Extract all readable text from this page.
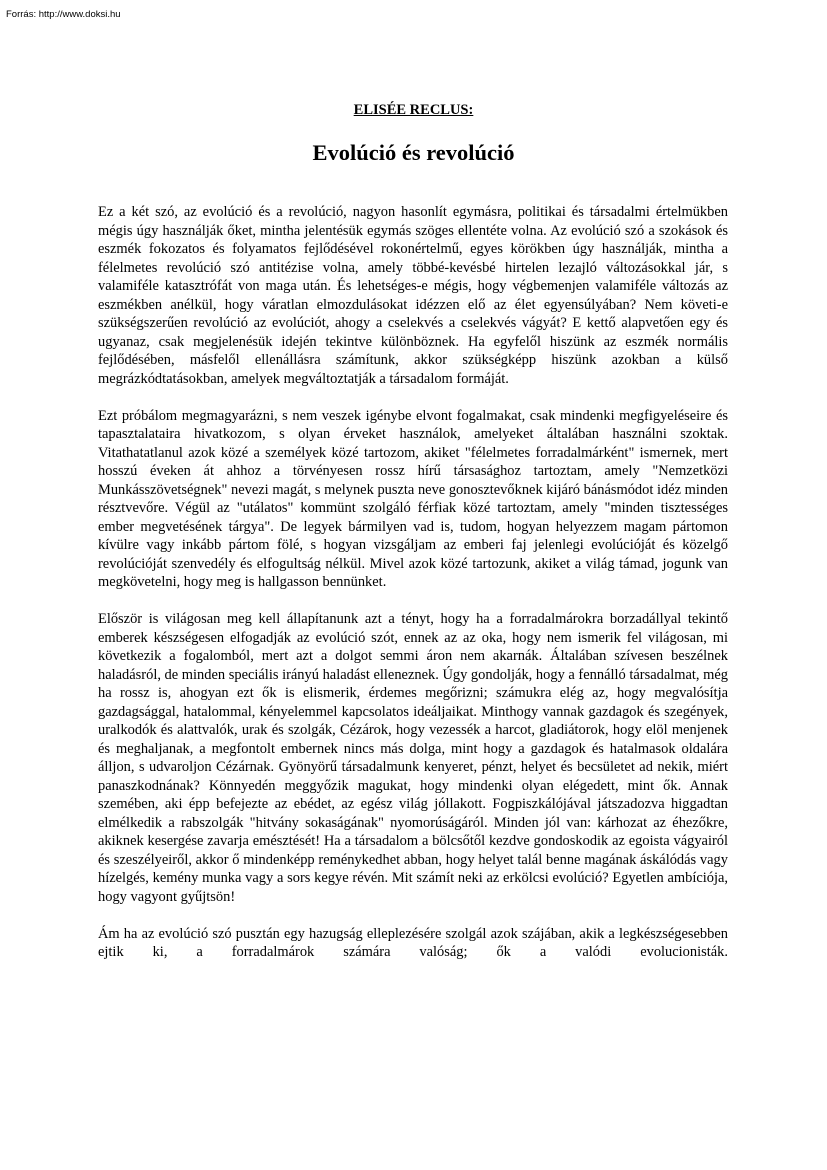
Forrás: http://www.doksi.hu
ELISÉE RECLUS:
Evolúció és revolúció

Ez a két szó, az evolúció és a revolúció, nagyon hasonlít egymásra, politikai és társadalmi értelmükben mégis úgy használják őket, mintha jelentésük egymás szöges ellentéte volna. Az evolúció szó a szokások és eszmék fokozatos és folyamatos fejlődésével rokonértelmű, egyes körökben úgy használják, mintha a félelmetes revolúció szó antitézise volna, amely többé-kevésbé hirtelen lezajló változásokkal jár, s valamiféle katasztrófát von maga után. És lehetséges-e mégis, hogy végbemenjen valamiféle változás az eszmékben anélkül, hogy váratlan elmozdulásokat idézzen elő az élet egyensúlyában? Nem követi-e szükségszerűen revolúció az evolúciót, ahogy a cselekvés a cselekvés vágyát? E kettő alapvetően egy és ugyanaz, csak megjelenésük idején tekintve különböznek. Ha egyfelől hiszünk az eszmék normális fejlődésében, másfelől ellenállásra számítunk, akkor szükségképp hiszünk azokban a külső megrázkódtatásokban, amelyek megváltoztatják a társadalom formáját.

Ezt próbálom megmagyarázni, s nem veszek igénybe elvont fogalmakat, csak mindenki megfigyeléseire és tapasztalataira hivatkozom, s olyan érveket használok, amelyeket általában használni szoktak. Vitathatatlanul azok közé a személyek közé tartozom, akiket "félelmetes forradalmárként" ismernek, mert hosszú éveken át ahhoz a törvényesen rossz hírű társasághoz tartoztam, amely "Nemzetközi Munkásszövetségnek" nevezi magát, s melynek puszta neve gonosztevőknek kijáró bánásmódot idéz minden résztvevőre. Végül az "utálatos" kommünt szolgáló férfiak közé tartoztam, amely "minden tisztességes ember megvetésének tárgya". De legyek bármilyen vad is, tudom, hogyan helyezzem magam pártomon kívülre vagy inkább pártom fölé, s hogyan vizsgáljam az emberi faj jelenlegi evolúcióját és közelgő revolúcióját szenvedély és elfogultság nélkül. Mivel azok közé tartozunk, akiket a világ támad, jogunk van megkövetelni, hogy meg is hallgasson bennünket.

Először is világosan meg kell állapítanunk azt a tényt, hogy ha a forradalmárokra borzadállyal tekintő emberek készségesen elfogadják az evolúció szót, ennek az az oka, hogy nem ismerik fel világosan, mi következik a fogalomból, mert azt a dolgot semmi áron nem akarnák. Általában szívesen beszélnek haladásról, de minden speciális irányú haladást elleneznek. Úgy gondolják, hogy a fennálló társadalmat, még ha rossz is, ahogyan ezt ők is elismerik, érdemes megőrizni; számukra elég az, hogy megvalósítja gazdagsággal, hatalommal, kényelemmel kapcsolatos ideáljaikat. Minthogy vannak gazdagok és szegények, uralkodók és alattvalók, urak és szolgák, Cézárok, hogy vezessék a harcot, gladiátorok, hogy elöl menjenek és meghaljanak, a megfontolt embernek nincs más dolga, mint hogy a gazdagok és hatalmasok oldalára álljon, s udvaroljon Cézárnak. Gyönyörű társadalmunk kenyeret, pénzt, helyet és becsületet ad nekik, miért panaszkodnának? Könnyedén meggyőzik magukat, hogy mindenki olyan elégedett, mint ők. Annak szemében, aki épp befejezte az ebédet, az egész világ jóllakott. Fogpiszkálójával játszadozva higgadtan elmélkedik a rabszolgák "hitvány sokaságának" nyomorúságáról. Minden jól van: kárhozat az éhezőkre, akiknek kesergése zavarja emésztését! Ha a társadalom a bölcsőtől kezdve gondoskodik az egoista vágyairól és szeszélyeiről, akkor ő mindenképp reménykedhet abban, hogy helyet talál benne magának áskálódás vagy hízelgés, kemény munka vagy a sors kegye révén. Mit számít neki az erkölcsi evolúció? Egyetlen ambíciója, hogy vagyont gyűjtsön!

Ám ha az evolúció szó pusztán egy hazugság elleplezésére szolgál azok szájában, akik a legkészségesebben ejtik ki, a forradalmárok számára valóság; ők a valódi evolucionisták.
